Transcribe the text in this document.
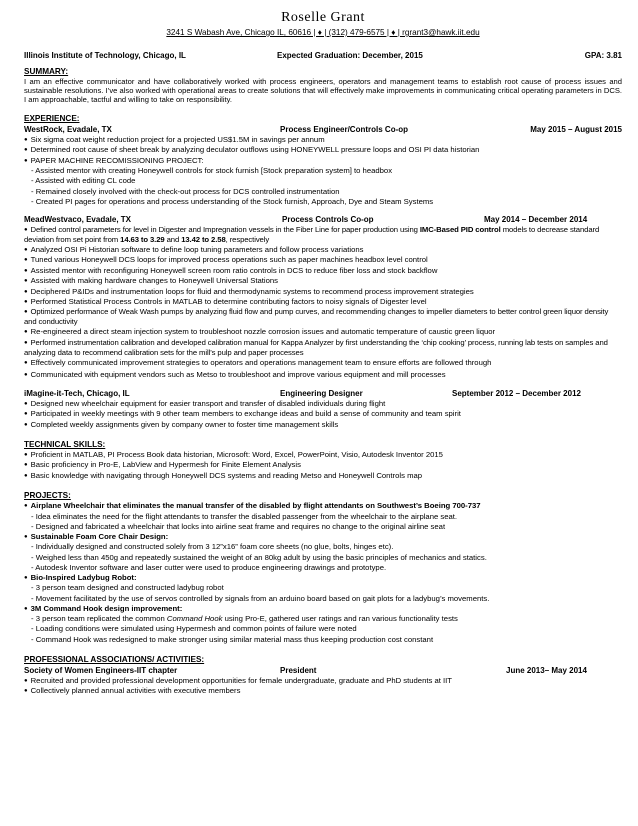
Roselle Grant
3241 S Wabash Ave, Chicago IL, 60616 | ♦ | (312) 479-6575 | ♦ | rgrant3@hawk.iit.edu
Illinois Institute of Technology, Chicago, IL	Expected Graduation: December, 2015	GPA: 3.81
SUMMARY:
I am an effective communicator and have collaboratively worked with process engineers, operators and management teams to establish root cause of process issues and sustainable resolutions. I’ve also worked with operational areas to create solutions that will effectively make improvements in communicating critical operating parameters in DCS. I am approachable, tactful and willing to take on responsibility.
EXPERIENCE:
WestRock, Evadale, TX	Process Engineer/Controls Co-op	May 2015 – August 2015
● Six sigma coat weight reduction project for a projected US$1.5M in savings per annum
● Determined root cause of sheet break by analyzing deculator outflows using HONEYWELL pressure loops and OSI PI data historian
● PAPER MACHINE RECOMISSIONING PROJECT:
- Assisted mentor with creating Honeywell controls for stock furnish [Stock preparation system] to headbox
- Assisted with editing CL code
- Remained closely involved with the check-out process for DCS controlled instrumentation
- Created PI pages for operations and process understanding of the Stock furnish, Approach, Dye and Steam Systems
MeadWestvaco, Evadale, TX	Process Controls Co-op	May 2014 – December 2014
● Defined control parameters for level in Digester and Impregnation vessels in the Fiber Line for paper production using IMC-Based PID control models to decrease standard deviation from set point from 14.63 to 3.29 and 13.42 to 2.58, respectively
● Analyzed OSI Pi Historian software to define loop tuning parameters and follow process variations
● Tuned various Honeywell DCS loops for improved process operations such as paper machines headbox level control
● Assisted mentor with reconfiguring Honeywell screen room ratio controls in DCS to reduce fiber loss and stock backflow
● Assisted with making hardware changes to Honeywell Universal Stations
● Deciphered P&IDs and instrumentation loops for fluid and thermodynamic systems to recommend process improvement strategies
● Performed Statistical Process Controls in MATLAB to determine contributing factors to noisy signals of Digester level
● Optimized performance of Weak Wash pumps by analyzing fluid flow and pump curves, and recommending changes to impeller diameters to better control green liquor density and conductivity
● Re-engineered a direct steam injection system to troubleshoot nozzle corrosion issues and automatic temperature of caustic green liquor
● Performed instrumentation calibration and developed calibration manual for Kappa Analyzer by first understanding the ‘chip cooking’ process, running lab tests on samples and analyzing data to recommend calibration sets for the mill’s pulp and paper processes
● Effectively communicated improvement strategies to operators and operations management team to ensure efforts are followed through
● Communicated with equipment vendors such as Metso to troubleshoot and improve various equipment and mill processes
iMagine-it-Tech, Chicago, IL	Engineering Designer	September 2012 – December 2012
● Designed new wheelchair equipment for easier transport and transfer of disabled individuals during flight
● Participated in weekly meetings with 9 other team members to exchange ideas and build a sense of community and team spirit
● Completed weekly assignments given by company owner to foster time management skills
TECHNICAL SKILLS:
● Proficient in MATLAB, PI Process Book data historian, Microsoft: Word, Excel, PowerPoint, Visio, Autodesk Inventor 2015
● Basic proficiency in Pro-E, LabView and Hypermesh for Finite Element Analysis
● Basic knowledge with navigating through Honeywell DCS systems and reading Metso and Honeywell Controls map
PROJECTS:
● Airplane Wheelchair that eliminates the manual transfer of the disabled by flight attendants on Southwest’s Boeing 700-737
- Idea eliminates the need for the flight attendants to transfer the disabled passenger from the wheelchair to the airplane seat.
- Designed and fabricated a wheelchair that locks into airline seat frame and requires no change to the original airline seat
● Sustainable Foam Core Chair Design:
- Individually designed and constructed solely from 3 12”x16” foam core sheets (no glue, bolts, hinges etc).
- Weighed less than 450g and repeatedly sustained the weight of an 80kg adult by using the basic principles of mechanics and statics.
- Autodesk Inventor software and laser cutter were used to produce engineering drawings and prototype.
● Bio-Inspired Ladybug Robot:
- 3 person team designed and constructed ladybug robot
- Movement facilitated by the use of servos controlled by signals from an arduino board based on gait plots for a ladybug’s movements.
● 3M Command Hook design improvement:
- 3 person team replicated the common Command Hook using Pro-E, gathered user ratings and ran various functionality tests
- Loading conditions were simulated using Hypermesh and common points of failure were noted
- Command Hook was redesigned to make stronger using similar material mass thus keeping production cost constant
PROFESSIONAL ASSOCIATIONS/ ACTIVITIES:
Society of Women Engineers-IIT chapter	President	June 2013– May 2014
● Recruited and provided professional development opportunities for female undergraduate, graduate and PhD students at IIT
● Collectively planned annual activities with executive members
